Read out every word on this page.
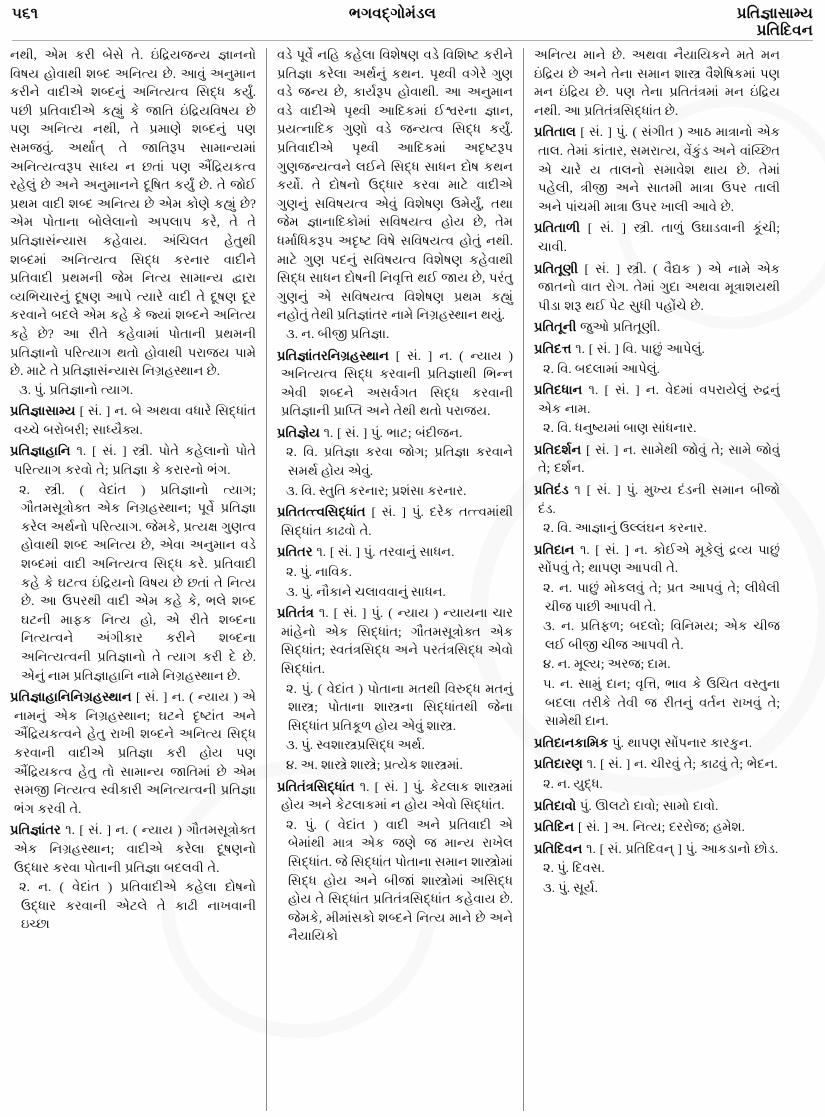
૫૬૧	ભગવદ્ગોમંડલ	પ્રતિજ્ઞાસામ્ય
પ્રતિદિવન

નથી, એમ કરી બેસે તે. ઇંદ્રિયજન્ય જ્ઞાનનો વિષય હોવાથી શબ્દ અનિત્ય છે. આવું અનુમાન કરીને વાદીએ શબ્દનું અનિત્યત્વ સિદ્ધ કર્યું. પછી પ્રતિવાદીએ કહ્યું કે જાતિ ઇંદ્રિયવિષય છે પણ અનિત્ય નથી, તે પ્રમાણે શબ્દનું પણ સમજવું. અર્થાત્ તે જાતિરૂપ સામાન્યમાં અનિત્યત્વરૂપ સાધ્ય ન છતાં પણ ઐંદ્રિયકત્વ રહેલું છે અને અનુમાનને દૂષિત કર્યું છે. તે જોઈ પ્રથમ વાદી શબ્દ અનિત્ય છે એમ કોણે કહ્યું છે? એમ પોતાના બોલેલાનો અપલાપ કરે, તે તે પ્રતિજ્ઞાસંન્યાસ કહેવાય. અંચિલત હેતુથી શબ્દમાં અનિત્યત્વ સિદ્ધ કરનાર વાદીને પ્રતિવાદી પ્રથમની જેમ નિત્ય સામાન્ય દ્વારા વ્યભિચારનું દૂષણ આપે ત્યારે વાદી તે દૂષણ દૂર કરવાને બદલે એમ કહે કે જ્યાં શબ્દને અનિત્ય કહે છે? આ રીતે કહેવામાં પોતાની પ્રથમની પ્રતિજ્ઞાનો પરિત્યાગ થતો હોવાથી પરાજય પામે છે. માટે તે પ્રતિજ્ઞાસંન્યાસ નિગ્રહસ્થાન છે.

૩. પું. પ્રતિજ્ઞાનો ત્યાગ.

પ્રતિજ્ઞાસામ્ય [ સં. ] ન. બે અથવા વધારે સિદ્ધાંત વચ્ચે બરોબરી; સાધ્યૈક્ય.

પ્રતિજ્ઞાહાનિ ૧. [ સં. ] સ્ત્રી. પોતે કહેલાનો પોતે પરિત્યાગ કરવો તે; પ્રતિજ્ઞા કે કરારનો ભંગ.

૨. સ્ત્રી. ( વેદાંત ) પ્રતિજ્ઞાનો ત્યાગ; ગૌતમસૂત્રોક્ત એક નિગ્રહસ્થાન; પૂર્વે પ્રતિજ્ઞા કરેલ અર્થનો પરિત્યાગ. જેમકે, પ્રત્યક્ષ ગુણત્વ હોવાથી શબ્દ અનિત્ય છે, એવા અનુમાન વડે શબ્દમાં વાદી અનિત્યત્વ સિદ્ધ કરે. પ્રતિવાદી કહે કે ઘટત્વ ઇંદ્રિયનો વિષય છે છતાં તે નિત્ય છે. આ ઉપરથી વાદી એમ કહે કે, ભલે શબ્દ ઘટની માફક નિત્ય હો, એ રીતે શબ્દના નિત્યત્વને અંગીકાર કરીને શબ્દના અનિત્યત્વની પ્રતિજ્ઞાનો તે ત્યાગ કરી દે છે. એનું નામ પ્રતિજ્ઞાહાનિ નામે નિગ્રહસ્થાન છે.

પ્રતિજ્ઞાહાનિનિગ્રહસ્થાન [ સં. ] ન. ( ન્યાય ) એ નામનું એક નિગ્રહસ્થાન; ઘટને દૃષ્ટાંત અને ઐંદ્રિયકત્વને હેતુ રાખી શબ્દને અનિત્ય સિદ્ધ કરવાની વાદીએ પ્રતિજ્ઞા કરી હોય પણ ઐંદ્રિયકત્વ હેતુ તો સામાન્ય જાતિમાં છે એમ સમજી નિત્યત્વ સ્વીકારી અનિત્યત્વની પ્રતિજ્ઞા ભંગ કરવી તે.

પ્રતિજ્ઞાંતર ૧. [ સં. ] ન. ( ન્યાય ) ગૌતમસૂત્રોક્ત એક નિગ્રહસ્થાન; વાદીએ કરેલા દૂષણનો ઉદ્ધાર કરવા પોતાની પ્રતિજ્ઞા બદલવી તે.

૨. ન. ( વેદાંત ) પ્રતિવાદીએ કહેલા દોષનો ઉદ્ધાર કરવાની એટલે તે કાઢી નાખવાની ઇચ્છા

વડે પૂર્વે નહિ કહેલા વિશેષણ વડે વિશિષ્ટ કરીને પ્રતિજ્ઞા કરેલા અર્થનું કથન. પૃથ્વી વગેરે ગુણ વડે જન્ય છે, કાર્યરૂપ હોવાથી. આ અનુમાન વડે વાદીએ પૃથ્વી આદિકમાં ઈશ્વરના જ્ઞાન, પ્રયત્નાદિક ગુણો વડે જન્યત્વ સિદ્ધ કર્યું. પ્રતિવાદીએ પૃથ્વી આદિકમાં અદૃષ્ટરૂપ ગુણજન્યત્વને લઈને સિદ્ધ સાધન દોષ કથન કર્યો. તે દોષનો ઉદ્ધાર કરવા માટે વાદીએ ગુણનું સવિષયત્વ એવું વિશેષણ ઉમેર્યું, તથા જેમ જ્ઞાનાદિકોમાં સવિષયત્વ હોય છે, તેમ ધર્માધિકરૂપ અદૃષ્ટ વિષે સવિષયત્વ હોતું નથી. માટે ગુણ પદનું સવિષયત્વ વિશેષણ કહેવાથી સિદ્ધ સાધન દોષની નિવૃત્તિ થઈ જાય છે, પરંતુ ગુણનું એ સવિષયત્વ વિશેષણ પ્રથમ કહ્યું નહોતું તેથી પ્રતિજ્ઞાંતર નામે નિગ્રહસ્થાન થયું.

૩. ન. બીજી પ્રતિજ્ઞા.

પ્રતિજ્ઞાંતરનિગ્રહસ્થાન [ સં. ] ન. ( ન્યાય ) અનિત્યત્વ સિદ્ધ કરવાની પ્રતિજ્ઞાથી ભિન્ન એવી શબ્દને અસર્વગત સિદ્ધ કરવાની પ્રતિજ્ઞાની પ્રાપ્તિ અને તેથી થતો પરાજય.

પ્રતિજ્ઞેય ૧. [ સં. ] પું. ભાટ; બંદીજન.

૨. વિ. પ્રતિજ્ઞા કરવા જોગ; પ્રતિજ્ઞા કરવાને સમર્થ હોય એવું.

૩. વિ. સ્તુતિ કરનાર; પ્રશંસા કરનાર.

પ્રતિતત્ત્વસિદ્ધાંત [ સં. ] પું. દરેક તત્ત્વમાંથી સિદ્ધાંત કાઢવો તે.

પ્રતિતર ૧. [ સં. ] પું. તરવાનું સાધન.

૨. પું. નાવિક.

૩. પું. નૌકાને ચલાવવાનું સાધન.

પ્રતિતંત્ર ૧. [ સં. ] પું. ( ન્યાય ) ન્યાયના ચાર માંહેનો એક સિદ્ધાંત; ગૌતમસૂત્રોક્ત એક સિદ્ધાંત; સ્વતંત્રસિદ્ધ અને પરતંત્રસિદ્ધ એવો સિદ્ધાંત.

૨. પું. ( વેદાંત ) પોતાના મતથી વિરુદ્ધ મતનું શાસ્ત્ર; પોતાના શાસ્ત્રના સિદ્ધાંતથી જેના સિદ્ધાંત પ્રતિકૂળ હોય એવું શાસ્ત્ર.

૩. પું. સ્વશાસ્ત્રપ્રસિદ્ધ અર્થ.

૪. અ. શાસ્ત્રે શાસ્ત્રે; પ્રત્યેક શાસ્ત્રમાં.

પ્રતિતંત્રસિદ્ધાંત ૧. [ સં. ] પું. કેટલાક શાસ્ત્રમાં હોય અને કેટલાકમાં ન હોય એવો સિદ્ધાંત.

૨. પું. ( વેદાંત ) વાદી અને પ્રતિવાદી એ બેમાંથી માત્ર એક જણે જ માન્ય રાખેલ સિદ્ધાંત. જે સિદ્ધાંત પોતાના સમાન શાસ્ત્રોમાં સિદ્ધ હોય અને બીજાં શાસ્ત્રોમાં અસિદ્ધ હોય તે સિદ્ધાંત પ્રતિતંત્રસિદ્ધાંત કહેવાય છે. જેમકે, મીમાંસકો શબ્દને નિત્ય માને છે અને નૈયાયિકો

અનિત્ય માને છે. અથવા નૈયાયિકને મતે મન ઇંદ્રિય છે અને તેના સમાન શાસ્ત્ર વૈશેષિકમાં પણ મન ઇંદ્રિય છે. પણ તેના પ્રતિતંત્રમાં મન ઇંદ્રિય નથી. આ પ્રતિતંત્રસિદ્ધાંત છે.

પ્રતિતાલ [ સં. ] પું. ( સંગીત ) આઠ માત્રાનો એક તાલ. તેમાં કાંતાર, સમરાત્ય, વેંકુંડ અને વાંચ્છિત એ ચારે ય તાલનો સમાવેશ થાય છે. તેમાં પહેલી, ત્રીજી અને સાતમી માત્રા ઉપર તાલી અને પાંચમી માત્રા ઉપર ખાલી આવે છે.

પ્રતિતાળી [ સં. ] સ્ત્રી. તાળું ઉઘાડવાની કૂંચી; ચાવી.

પ્રતિતૂણી [ સં. ] સ્ત્રી. ( વૈદ્યક ) એ નામે એક જાતનો વાત રોગ. તેમાં ગુદા અથવા મૂત્રાશયથી પીડા શરૂ થઈ પેટ સુધી પહોંચે છે.

પ્રતિતૂની જુઓ પ્રતિતૂણી.

પ્રતિદત્ત ૧. [ સં. ] વિ. પાછું આપેલું.

૨. વિ. બદલામાં આપેલું.

પ્રતિદધાન ૧. [ સં. ] ન. વેદમાં વપરાયેલું રુદ્રનું એક નામ.

૨. વિ. ધનુષ્યમાં બાણ સાંધનાર.

પ્રતિદર્શન [ સં. ] ન. સામેથી જોવું તે; સામે જોવું તે; દર્શન.

પ્રતિદંડ ૧ [ સં. ] પું. મુખ્ય દંડની સમાન બીજો દંડ.

૨. વિ. આજ્ઞાનું ઉલ્લંઘન કરનાર.

પ્રતિદાન ૧. [ સં. ] ન. કોઈએ મૂકેલું દ્રવ્ય પાછું સોંપવું તે; થાપણ આપવી તે.

૨. ન. પાછું મોકલવું તે; પ્રત આપવું તે; લીધેલી ચીજ પાછી આપવી તે.

૩. ન. પ્રતિફળ; બદલો; વિનિમય; એક ચીજ લઈ બીજી ચીજ આપવી તે.

૪. ન. મૂલ્ય; અરજ; દામ.

૫. ન. સામું દાન; વૃત્તિ, ભાવ કે ઉચિત વસ્તુના બદલા તરીકે તેવી જ રીતનું વર્તન રાખવું તે; સામેથી દાન.

પ્રતિદાનકામિક પું. થાપણ સોંપનાર કારકુન.

પ્રતિદારણ ૧. [ સં. ] ન. ચીરવું તે; કાઢવું તે; ભેદન.

૨. ન. યુદ્ધ.

પ્રતિદાવો પું. ઊલટો દાવો; સામો દાવો.

પ્રતિદિન [ સં. ] અ. નિત્ય; દરરોજ; હમેશ.

પ્રતિદિવન ૧. [ સં. પ્રતિદિવન્ ] પું. આકડાનો છોડ.

૨. પું. દિવસ.

૩. પું. સૂર્ય.
